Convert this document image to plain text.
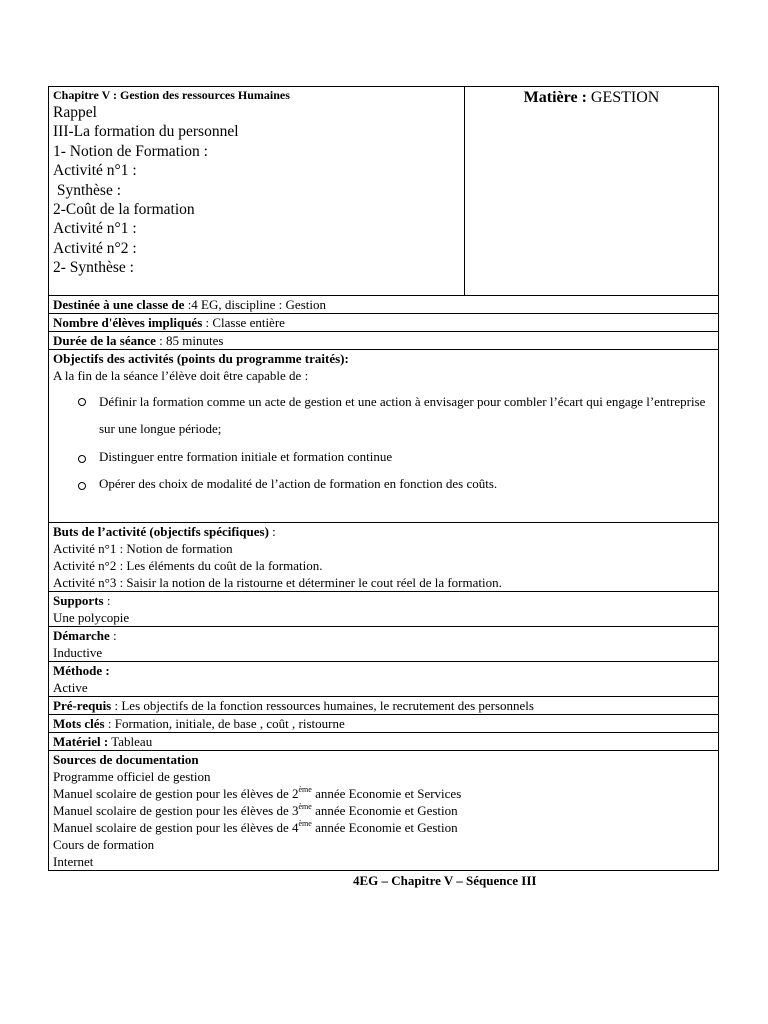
Chapitre V : Gestion des ressources Humaines
Rappel
III-La formation du personnel
1- Notion de Formation :
Activité n°1 :
Synthèse :
2-Coût de la formation
Activité n°1 :
Activité n°2 :
2- Synthèse :
Matière : GESTION
Destinée à une classe de :4 EG, discipline : Gestion
Nombre d'élèves impliqués : Classe entière
Durée de la séance : 85 minutes
Objectifs des activités (points du programme traités):
A la fin de la séance l’élève doit être capable de :
Définir la formation comme un acte de gestion et une action à envisager pour combler l’écart qui engage l’entreprise sur une longue période;
Distinguer entre formation initiale et formation continue
Opérer des choix de modalité de l’action de formation en fonction des coûts.
Buts de l’activité (objectifs spécifiques) :
Activité n°1 : Notion de formation
Activité n°2 : Les éléments du coût de la formation.
Activité n°3 : Saisir la notion de la ristourne et déterminer le cout réel de la formation.
Supports :
Une polycopie
Démarche :
Inductive
Méthode :
Active
Pré-requis : Les objectifs de la fonction ressources humaines, le recrutement des personnels
Mots clés : Formation, initiale, de base , coût , ristourne
Matériel : Tableau
Sources de documentation
Programme officiel de gestion
Manuel scolaire de gestion pour les élèves de 2ème année Economie et Services
Manuel scolaire de gestion pour les élèves de 3ème année Economie et Gestion
Manuel scolaire de gestion pour les élèves de 4ème année Economie et Gestion
Cours de formation
Internet
4EG – Chapitre V – Séquence III
